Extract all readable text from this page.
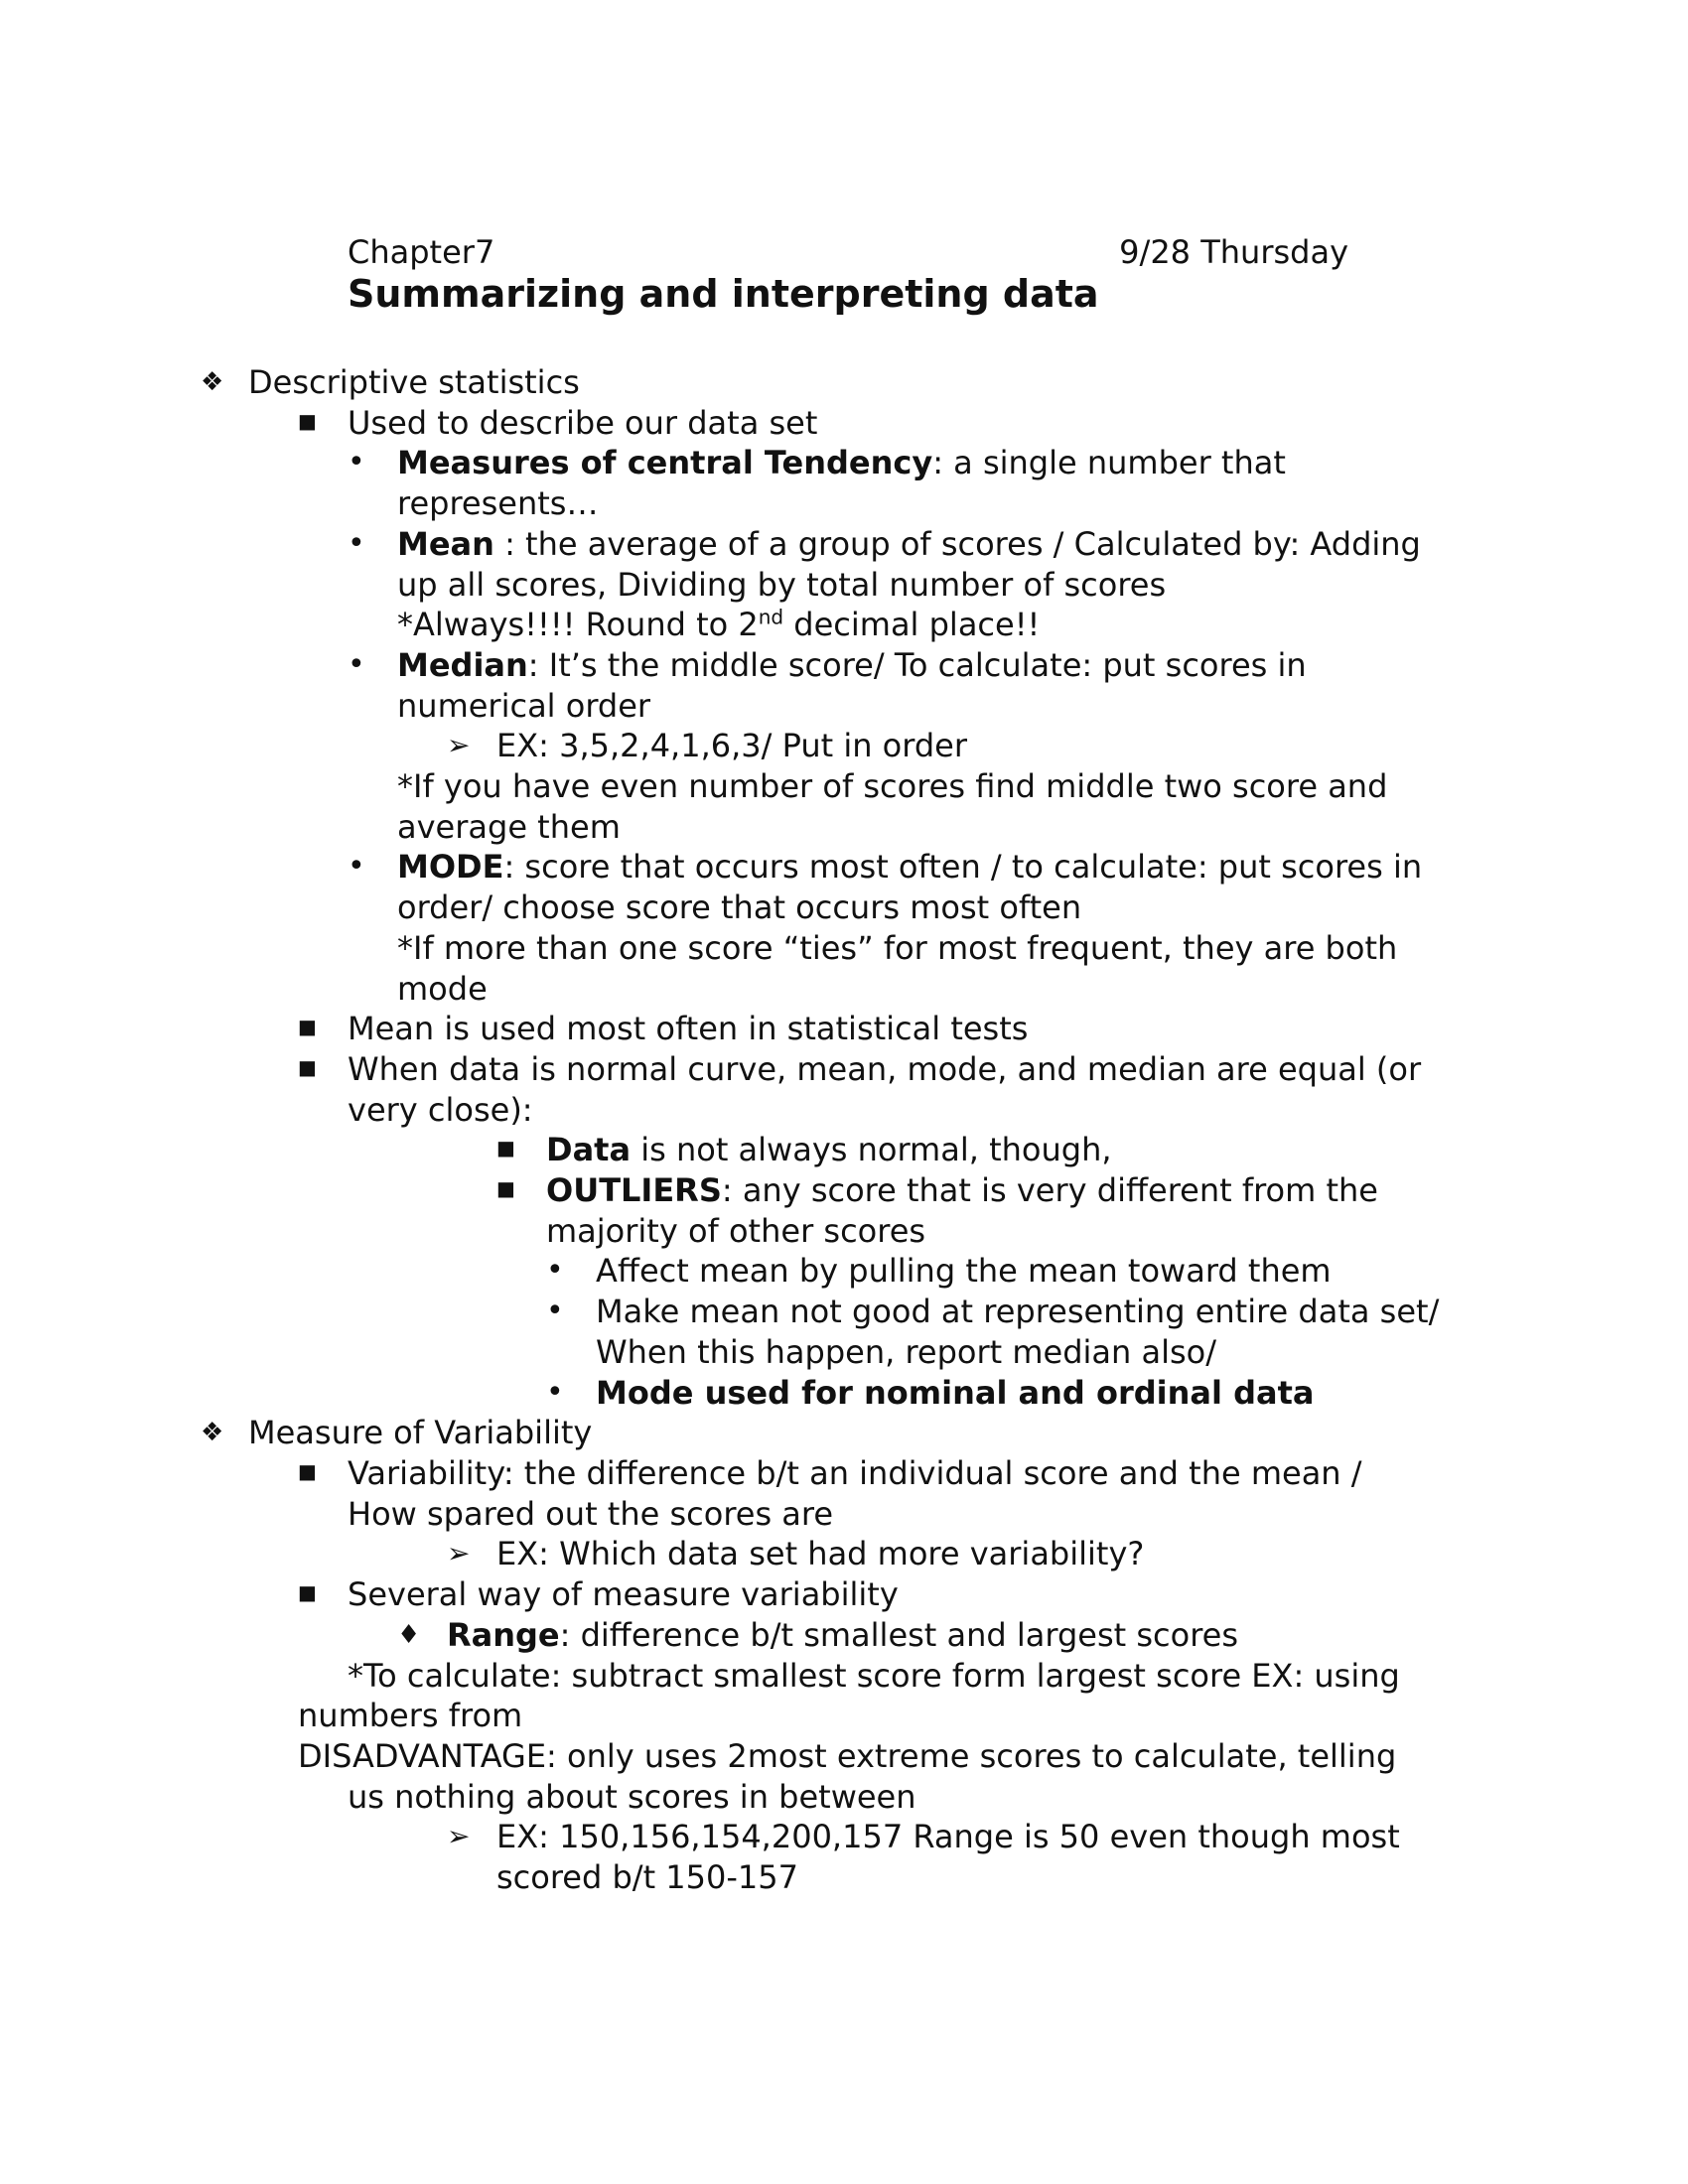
Chapter7	9/28 Thursday
Summarizing and interpreting data
❖ Descriptive statistics
■ Used to describe our data set
• Measures of central Tendency: a single number that
represents…
• Mean : the average of a group of scores / Calculated by: Adding
up all scores, Dividing by total number of scores
*Always!!!! Round to 2nd decimal place!!
• Median: It’s the middle score/ To calculate: put scores in
numerical order
➢ EX: 3,5,2,4,1,6,3/ Put in order
*If you have even number of scores find middle two score and
average them
• MODE: score that occurs most often / to calculate: put scores in
order/ choose score that occurs most often
*If more than one score “ties” for most frequent, they are both
mode
■ Mean is used most often in statistical tests
■ When data is normal curve, mean, mode, and median are equal (or
very close):
■ Data is not always normal, though,
■ OUTLIERS: any score that is very different from the
majority of other scores
• Affect mean by pulling the mean toward them
• Make mean not good at representing entire data set/
When this happen, report median also/
• Mode used for nominal and ordinal data
❖ Measure of Variability
■ Variability: the difference b/t an individual score and the mean /
How spared out the scores are
➢ EX: Which data set had more variability?
■ Several way of measure variability
♦ Range: difference b/t smallest and largest scores
*To calculate: subtract smallest score form largest score EX: using
numbers from
DISADVANTAGE: only uses 2most extreme scores to calculate, telling
us nothing about scores in between
➢ EX: 150,156,154,200,157 Range is 50 even though most
scored b/t 150-157
